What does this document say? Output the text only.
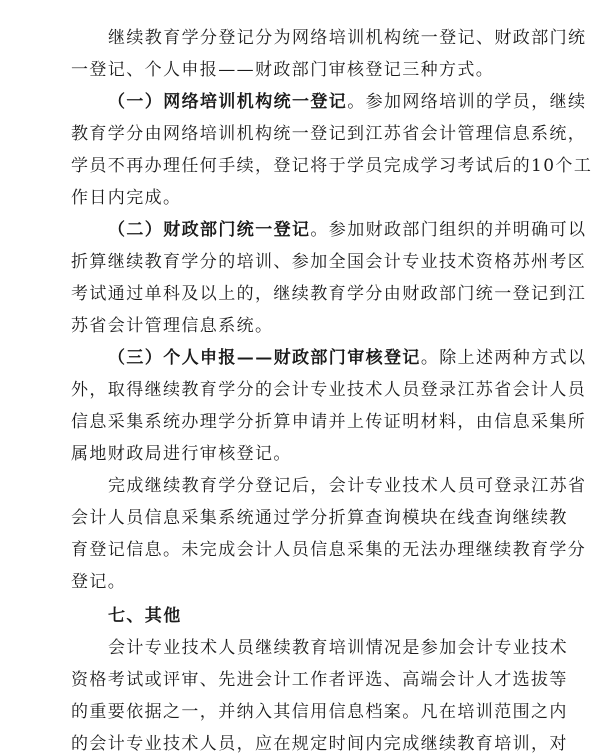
继续教育学分登记分为网络培训机构统一登记、财政部门统
一登记、个人申报——财政部门审核登记三种方式。
（一）网络培训机构统一登记。参加网络培训的学员，继续
教育学分由网络培训机构统一登记到江苏省会计管理信息系统，
学员不再办理任何手续，登记将于学员完成学习考试后的10个工
作日内完成。
（二）财政部门统一登记。参加财政部门组织的并明确可以
折算继续教育学分的培训、参加全国会计专业技术资格苏州考区
考试通过单科及以上的，继续教育学分由财政部门统一登记到江
苏省会计管理信息系统。
（三）个人申报——财政部门审核登记。除上述两种方式以
外，取得继续教育学分的会计专业技术人员登录江苏省会计人员
信息采集系统办理学分折算申请并上传证明材料，由信息采集所
属地财政局进行审核登记。
完成继续教育学分登记后，会计专业技术人员可登录江苏省
会计人员信息采集系统通过学分折算查询模块在线查询继续教
育登记信息。未完成会计人员信息采集的无法办理继续教育学分
登记。
七、其他
会计专业技术人员继续教育培训情况是参加会计专业技术
资格考试或评审、先进会计工作者评选、高端会计人才选拔等
的重要依据之一，并纳入其信用信息档案。凡在培训范围之内
的会计专业技术人员，应在规定时间内完成继续教育培训，对
